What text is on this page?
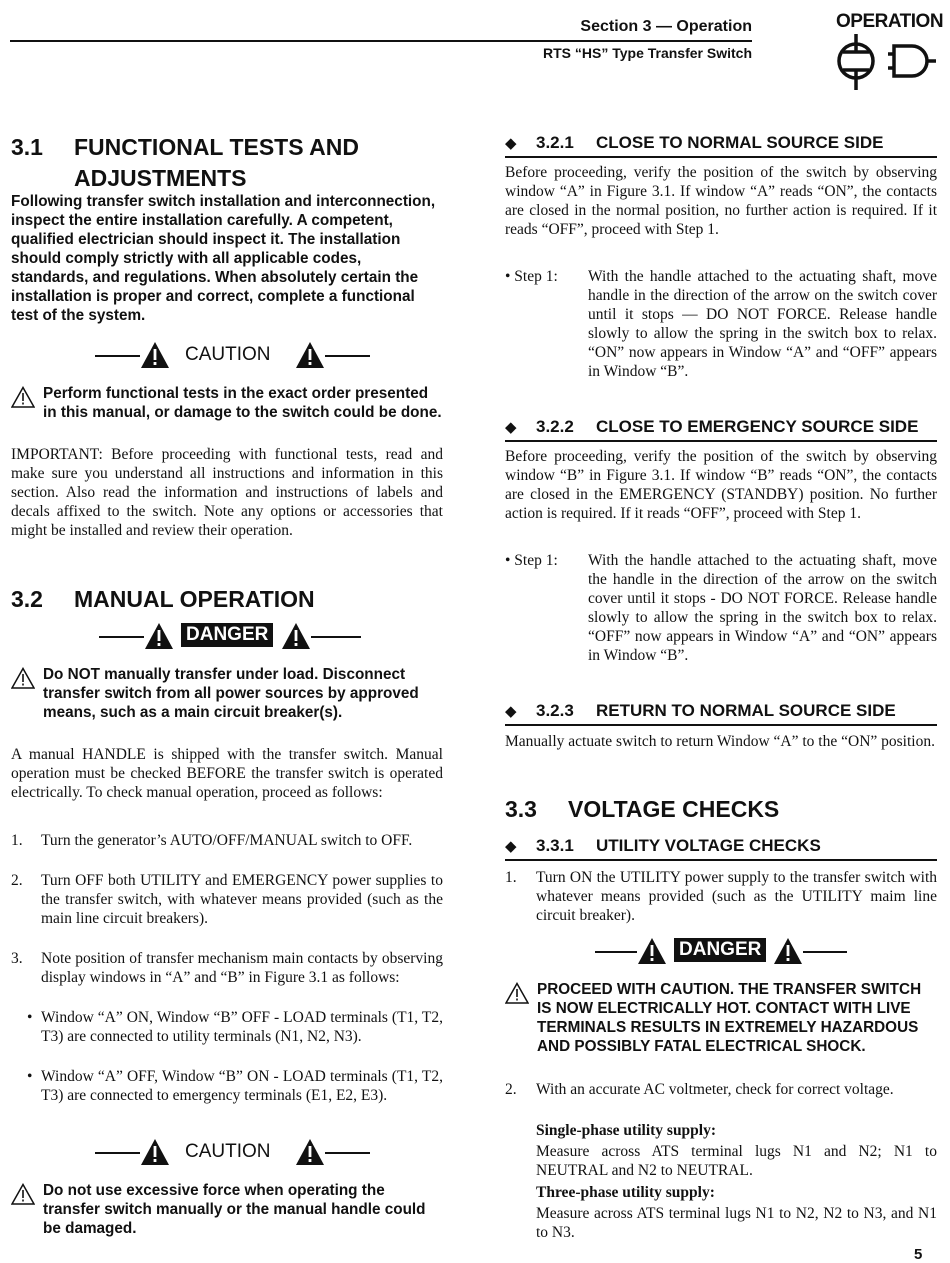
Section 3 — Operation
RTS “HS” Type Transfer Switch
OPERATION
3.1 FUNCTIONAL TESTS AND
ADJUSTMENTS
Following transfer switch installation and interconnection, inspect the entire installation carefully. A competent, qualified electrician should inspect it. The installation should comply strictly with all applicable codes, standards, and regulations. When absolutely certain the installation is proper and correct, complete a functional test of the system.
CAUTION
Perform functional tests in the exact order presented in this manual, or damage to the switch could be done.
IMPORTANT: Before proceeding with functional tests, read and make sure you understand all instructions and information in this section. Also read the information and instructions of labels and decals affixed to the switch. Note any options or accessories that might be installed and review their operation.
3.2 MANUAL OPERATION
DANGER
Do NOT manually transfer under load. Disconnect transfer switch from all power sources by approved means, such as a main circuit breaker(s).
A manual HANDLE is shipped with the transfer switch. Manual operation must be checked BEFORE the transfer switch is operated electrically. To check manual operation, proceed as follows:
1. Turn the generator’s AUTO/OFF/MANUAL switch to OFF.
2. Turn OFF both UTILITY and EMERGENCY power supplies to the transfer switch, with whatever means provided (such as the main line circuit breakers).
3. Note position of transfer mechanism main contacts by observing display windows in “A” and “B” in Figure 3.1 as follows:
• Window “A” ON, Window “B” OFF - LOAD terminals (T1, T2, T3) are connected to utility terminals (N1, N2, N3).
• Window “A” OFF, Window “B” ON - LOAD terminals (T1, T2, T3) are connected to emergency terminals (E1, E2, E3).
CAUTION
Do not use excessive force when operating the transfer switch manually or the manual handle could be damaged.
◆ 3.2.1 CLOSE TO NORMAL SOURCE SIDE
Before proceeding, verify the position of the switch by observing window “A” in Figure 3.1. If window “A” reads “ON”, the contacts are closed in the normal position, no further action is required. If it reads “OFF”, proceed with Step 1.
• Step 1: With the handle attached to the actuating shaft, move handle in the direction of the arrow on the switch cover until it stops — DO NOT FORCE. Release handle slowly to allow the spring in the switch box to relax. “ON” now appears in Window “A” and “OFF” appears in Window “B”.
◆ 3.2.2 CLOSE TO EMERGENCY SOURCE SIDE
Before proceeding, verify the position of the switch by observing window “B” in Figure 3.1. If window “B” reads “ON”, the contacts are closed in the EMERGENCY (STANDBY) position. No further action is required. If it reads “OFF”, proceed with Step 1.
• Step 1: With the handle attached to the actuating shaft, move the handle in the direction of the arrow on the switch cover until it stops - DO NOT FORCE. Release handle slowly to allow the spring in the switch box to relax. “OFF” now appears in Window “A” and “ON” appears in Window “B”.
◆ 3.2.3 RETURN TO NORMAL SOURCE SIDE
Manually actuate switch to return Window “A” to the “ON” position.
3.3 VOLTAGE CHECKS
◆ 3.3.1 UTILITY VOLTAGE CHECKS
1. Turn ON the UTILITY power supply to the transfer switch with whatever means provided (such as the UTILITY maim line circuit breaker).
DANGER
PROCEED WITH CAUTION. THE TRANSFER SWITCH IS NOW ELECTRICALLY HOT. CONTACT WITH LIVE TERMINALS RESULTS IN EXTREMELY HAZARDOUS AND POSSIBLY FATAL ELECTRICAL SHOCK.
2. With an accurate AC voltmeter, check for correct voltage.
Single-phase utility supply:
Measure across ATS terminal lugs N1 and N2; N1 to NEUTRAL and N2 to NEUTRAL.
Three-phase utility supply:
Measure across ATS terminal lugs N1 to N2, N2 to N3, and N1 to N3.
5
